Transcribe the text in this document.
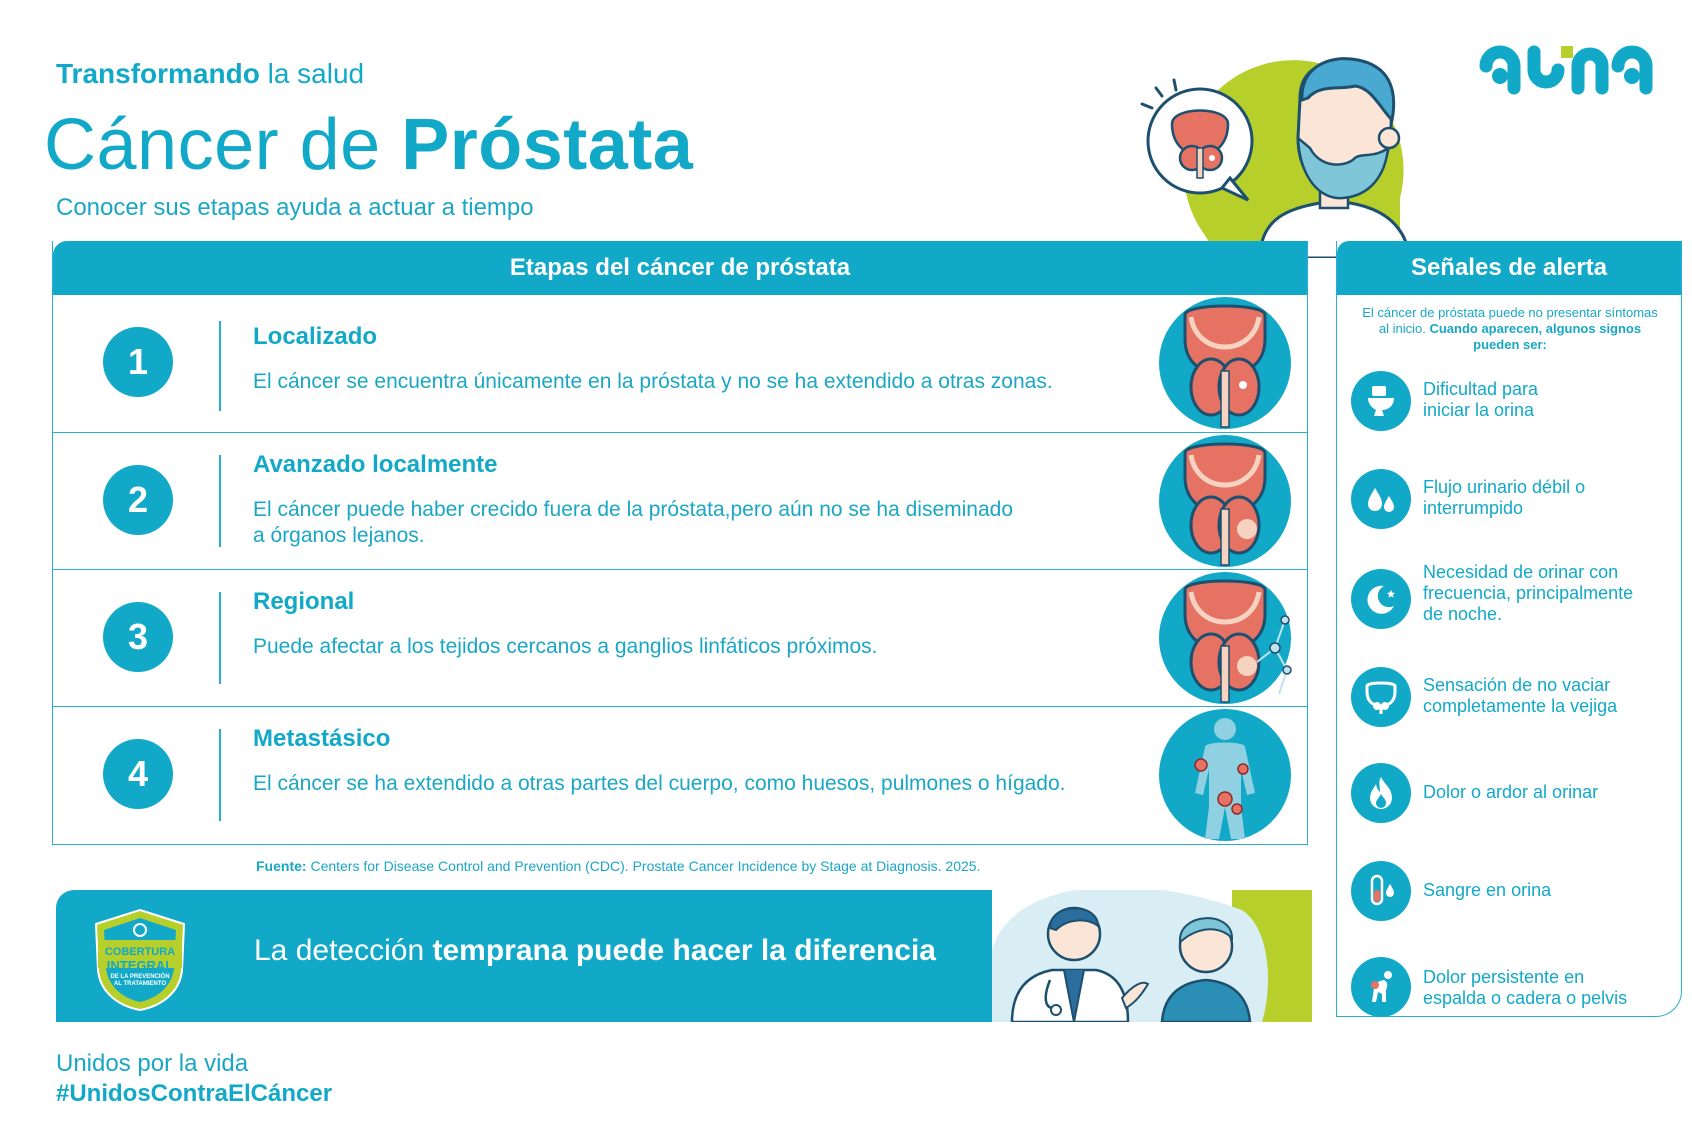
Transformando la salud
Cáncer de Próstata
Conocer sus etapas ayuda a actuar a tiempo
Etapas del cáncer de próstata
1
Localizado
El cáncer se encuentra únicamente en la próstata y no se ha extendido a otras zonas.
2
Avanzado localmente
El cáncer puede haber crecido fuera de la próstata,pero aún no se ha diseminado
a órganos lejanos.
3
Regional
Puede afectar a los tejidos cercanos a ganglios linfáticos próximos.
4
Metastásico
El cáncer se ha extendido a otras partes del cuerpo, como huesos, pulmones o hígado.
Fuente: Centers for Disease Control and Prevention (CDC). Prostate Cancer Incidence by Stage at Diagnosis. 2025.
COBERTURA
INTEGRAL
DE LA PREVENCIÓN AL TRATAMIENTO
La detección temprana puede hacer la diferencia
Unidos por la vida
#UnidosContraElCáncer
Señales de alerta
El cáncer de próstata puede no presentar síntomas al inicio. Cuando aparecen, algunos signos pueden ser:
Dificultad para
iniciar la orina
Flujo urinario débil o
interrumpido
Necesidad de orinar con
frecuencia, principalmente
de noche.
Sensación de no vaciar
completamente la vejiga
Dolor o ardor al orinar
Sangre en orina
Dolor persistente en
espalda o cadera o pelvis
